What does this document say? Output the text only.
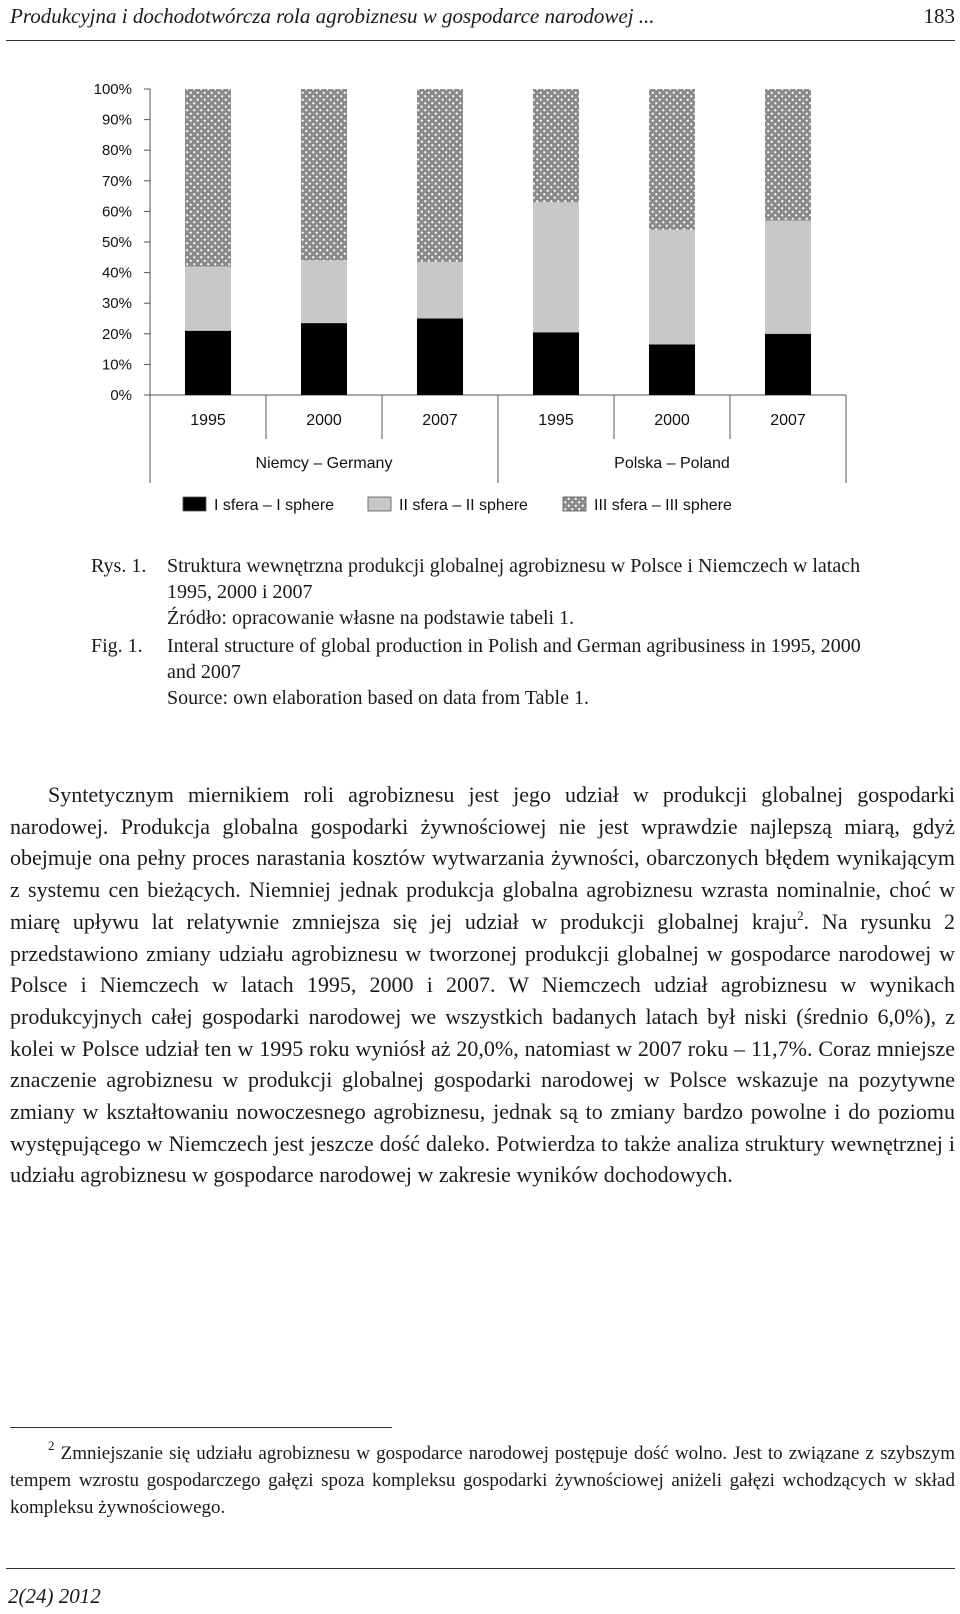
Produkcyjna i dochodotwórcza rola agrobiznesu w gospodarce narodowej ...	183
0%
10%
20%
30%
40%
50%
60%
70%
80%
90%
100%
1995	2000	2007	1995	2000	2007
Niemcy – Germany	Polska – Poland
I sfera – I sphere	II sfera – II sphere	III sfera – III sphere
Rys. 1. Struktura wewnętrzna produkcji globalnej agrobiznesu w Polsce i Niemczech w latach 1995, 2000 i 2007
Źródło: opracowanie własne na podstawie tabeli 1.
Fig. 1. Interal structure of global production in Polish and German agribusiness in 1995, 2000 and 2007
Source: own elaboration based on data from Table 1.

Syntetycznym miernikiem roli agrobiznesu jest jego udział w produkcji globalnej gospodarki narodowej. Produkcja globalna gospodarki żywnościowej nie jest wprawdzie najlepszą miarą, gdyż obejmuje ona pełny proces narastania kosztów wytwarzania żywności, obarczonych błędem wynikającym z systemu cen bieżących. Niemniej jednak produkcja globalna agrobiznesu wzrasta nominalnie, choć w miarę upływu lat relatywnie zmniejsza się jej udział w produkcji globalnej kraju$^2$. Na rysunku 2 przedstawiono zmiany udziału agrobiznesu w tworzonej produkcji globalnej w gospodarce narodowej w Polsce i Niemczech w latach 1995, 2000 i 2007. W Niemczech udział agrobiznesu w wynikach produkcyjnych całej gospodarki narodowej we wszystkich badanych latach był niski (średnio 6,0%), z kolei w Polsce udział ten w 1995 roku wyniósł aż 20,0%, natomiast w 2007 roku – 11,7%. Coraz mniejsze znaczenie agrobiznesu w produkcji globalnej gospodarki narodowej w Polsce wskazuje na pozytywne zmiany w kształtowaniu nowoczesnego agrobiznesu, jednak są to zmiany bardzo powolne i do poziomu występującego w Niemczech jest jeszcze dość daleko. Potwierdza to także analiza struktury wewnętrznej i udziału agrobiznesu w gospodarce narodowej w zakresie wyników dochodowych.

$^2$ Zmniejszanie się udziału agrobiznesu w gospodarce narodowej postępuje dość wolno. Jest to związane z szybszym tempem wzrostu gospodarczego gałęzi spoza kompleksu gospodarki żywnościowej aniżeli gałęzi wchodzących w skład kompleksu żywnościowego.

2(24) 2012
